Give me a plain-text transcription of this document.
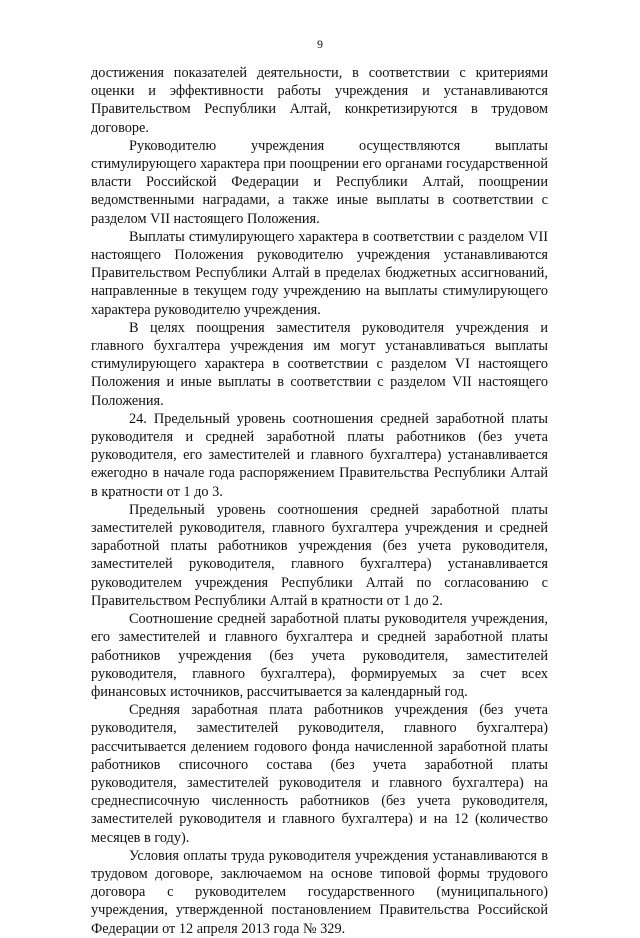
9

достижения показателей деятельности, в соответствии с критериями оценки и эффективности работы учреждения и устанавливаются Правительством Республики Алтай, конкретизируются в трудовом договоре.

Руководителю учреждения осуществляются выплаты стимулирующего характера при поощрении его органами государственной власти Российской Федерации и Республики Алтай, поощрении ведомственными наградами, а также иные выплаты в соответствии с разделом VII настоящего Положения.

Выплаты стимулирующего характера в соответствии с разделом VII настоящего Положения руководителю учреждения устанавливаются Правительством Республики Алтай в пределах бюджетных ассигнований, направленные в текущем году учреждению на выплаты стимулирующего характера руководителю учреждения.

В целях поощрения заместителя руководителя учреждения и главного бухгалтера учреждения им могут устанавливаться выплаты стимулирующего характера в соответствии с разделом VI настоящего Положения и иные выплаты в соответствии с разделом VII настоящего Положения.

24. Предельный уровень соотношения средней заработной платы руководителя и средней заработной платы работников (без учета руководителя, его заместителей и главного бухгалтера) устанавливается ежегодно в начале года распоряжением Правительства Республики Алтай в кратности от 1 до 3.

Предельный уровень соотношения средней заработной платы заместителей руководителя, главного бухгалтера учреждения и средней заработной платы работников учреждения (без учета руководителя, заместителей руководителя, главного бухгалтера) устанавливается руководителем учреждения Республики Алтай по согласованию с Правительством Республики Алтай в кратности от 1 до 2.

Соотношение средней заработной платы руководителя учреждения, его заместителей и главного бухгалтера и средней заработной платы работников учреждения (без учета руководителя, заместителей руководителя, главного бухгалтера), формируемых за счет всех финансовых источников, рассчитывается за календарный год.

Средняя заработная плата работников учреждения (без учета руководителя, заместителей руководителя, главного бухгалтера) рассчитывается делением годового фонда начисленной заработной платы работников списочного состава (без учета заработной платы руководителя, заместителей руководителя и главного бухгалтера) на среднесписочную численность работников (без учета руководителя, заместителей руководителя и главного бухгалтера) и на 12 (количество месяцев в году).

Условия оплаты труда руководителя учреждения устанавливаются в трудовом договоре, заключаемом на основе типовой формы трудового договора с руководителем государственного (муниципального) учреждения, утвержденной постановлением Правительства Российской Федерации от 12 апреля 2013 года № 329.
